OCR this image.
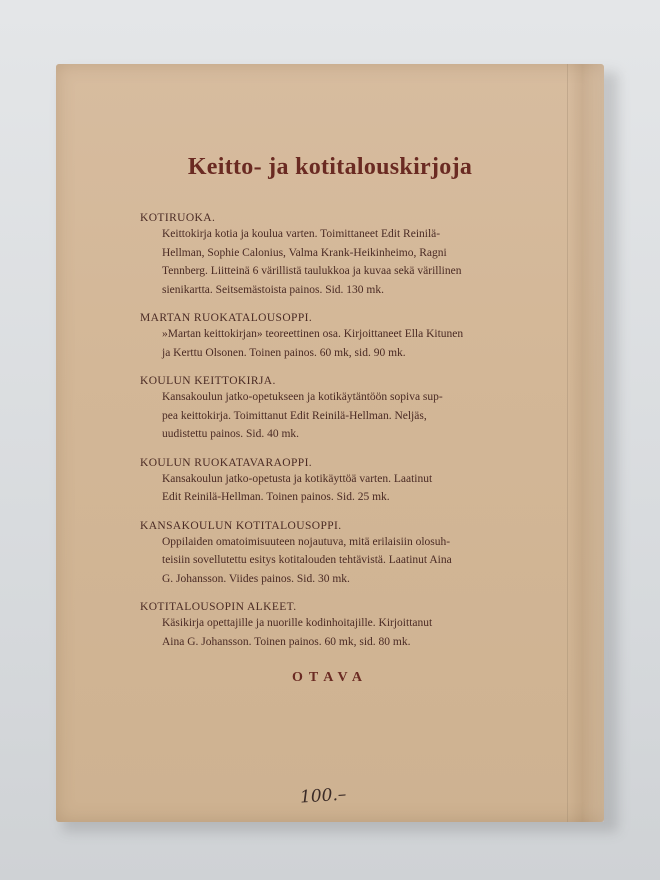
Keitto- ja kotitalouskirjoja
KOTIRUOKA.
Keittokirja kotia ja koulua varten. Toimittaneet Edit Reinilä-
Hellman, Sophie Calonius, Valma Krank-Heikinheimo, Ragni
Tennberg. Liitteinä 6 värillistä taulukkoa ja kuvaa sekä värillinen
sienikartta. Seitsemästoista painos. Sid. 130 mk.
MARTAN RUOKATALOUSOPPI.
»Martan keittokirjan» teoreettinen osa. Kirjoittaneet Ella Kitunen
ja Kerttu Olsonen. Toinen painos. 60 mk, sid. 90 mk.
KOULUN KEITTOKIRJA.
Kansakoulun jatko-opetukseen ja kotikäytäntöön sopiva sup-
pea keittokirja. Toimittanut Edit Reinilä-Hellman. Neljäs,
uudistettu painos. Sid. 40 mk.
KOULUN RUOKATAVARAOPPI.
Kansakoulun jatko-opetusta ja kotikäyttöä varten. Laatinut
Edit Reinilä-Hellman. Toinen painos. Sid. 25 mk.
KANSAKOULUN KOTITALOUSOPPI.
Oppilaiden omatoimisuuteen nojautuva, mitä erilaisiin olosuh-
teisiin sovellutettu esitys kotitalouden tehtävistä. Laatinut Aina
G. Johansson. Viides painos. Sid. 30 mk.
KOTITALOUSOPIN ALKEET.
Käsikirja opettajille ja nuorille kodinhoitajille. Kirjoittanut
Aina G. Johansson. Toinen painos. 60 mk, sid. 80 mk.
OTAVA
100.–
